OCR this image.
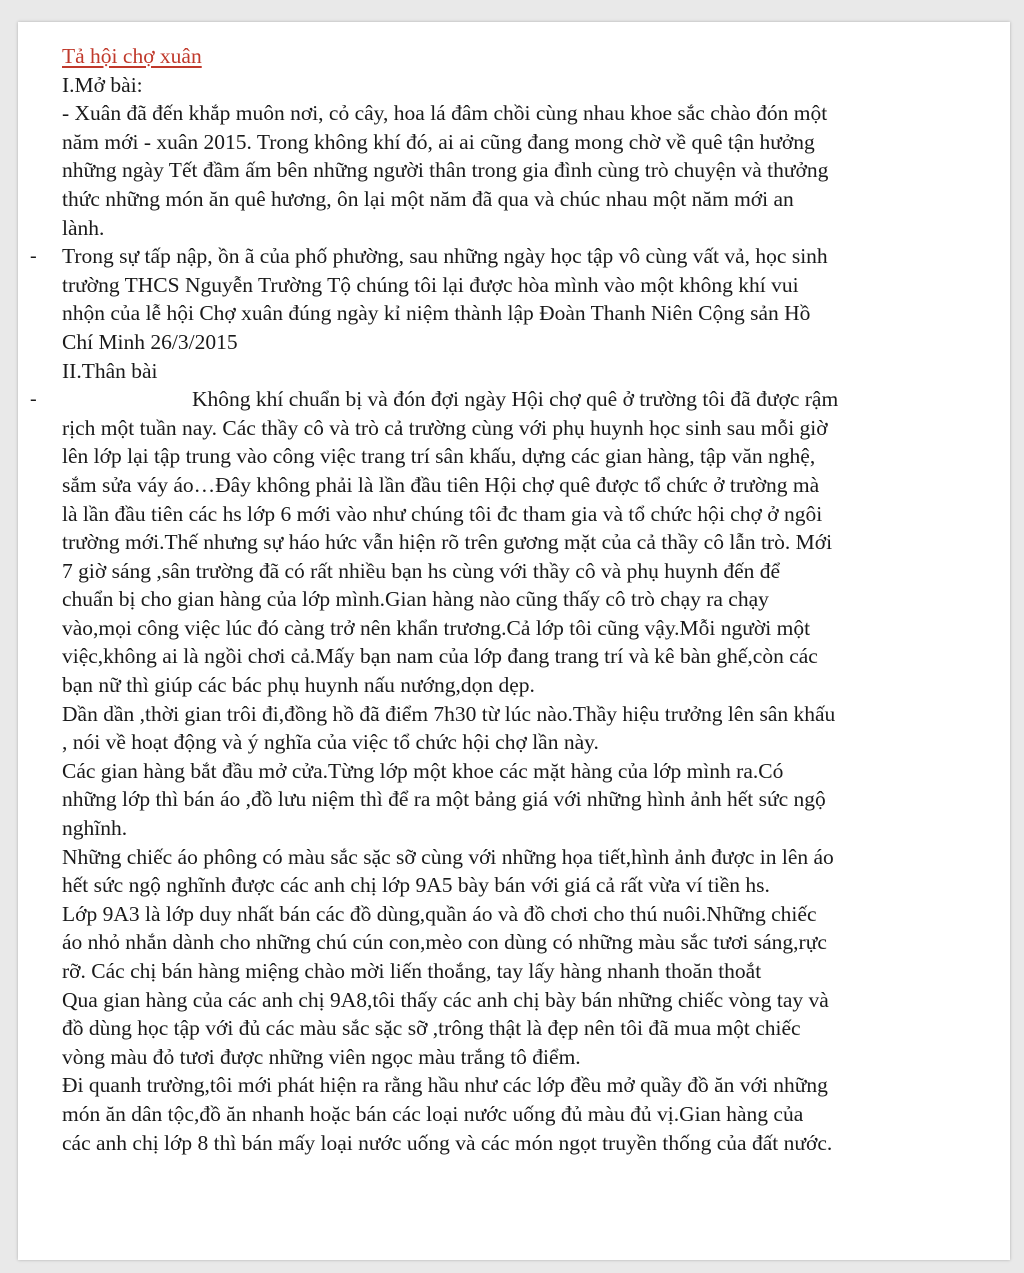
Tả hội chợ xuân
I.Mở bài:
- Xuân đã đến khắp muôn nơi, cỏ cây, hoa lá đâm chồi cùng nhau khoe sắc chào đón một
năm mới - xuân 2015. Trong không khí đó, ai ai cũng đang mong chờ về quê tận hưởng
những ngày Tết đầm ấm bên những người thân trong gia đình cùng trò chuyện và thưởng
thức những món ăn quê hương, ôn lại một năm đã qua và chúc nhau một năm mới an
lành.
- Trong sự tấp nập, ồn ã của phố phường, sau những ngày học tập vô cùng vất vả, học sinh
trường THCS Nguyễn Trường Tộ chúng tôi lại được hòa mình vào một không khí vui
nhộn của lễ hội Chợ xuân đúng ngày kỉ niệm thành lập Đoàn Thanh Niên Cộng sản Hồ
Chí Minh 26/3/2015
II.Thân bài
-	Không khí chuẩn bị và đón đợi ngày Hội chợ quê ở trường tôi đã được rậm
rịch một tuần nay. Các thầy cô và trò cả trường cùng với phụ huynh học sinh sau mỗi giờ
lên lớp lại tập trung vào công việc trang trí sân khấu, dựng các gian hàng, tập văn nghệ,
sắm sửa váy áo…Đây không phải là lần đầu tiên Hội chợ quê được tổ chức ở trường mà
là lần đầu tiên các hs lớp 6 mới vào như chúng tôi đc tham gia và tổ chức hội chợ ở ngôi
trường mới.Thế nhưng sự háo hức vẫn hiện rõ trên gương mặt của cả thầy cô lẫn trò. Mới
7 giờ sáng ,sân trường đã có rất nhiều bạn hs cùng với thầy cô và phụ huynh đến để
chuẩn bị cho gian hàng của lớp mình.Gian hàng nào cũng thấy cô trò chạy ra chạy
vào,mọi công việc lúc đó càng trở nên khẩn trương.Cả lớp tôi cũng vậy.Mỗi người một
việc,không ai là ngồi chơi cả.Mấy bạn nam của lớp đang trang trí và kê bàn ghế,còn các
bạn nữ thì giúp các bác phụ huynh nấu nướng,dọn dẹp.
Dần dần ,thời gian trôi đi,đồng hồ đã điểm 7h30 từ lúc nào.Thầy hiệu trưởng lên sân khấu
, nói về hoạt động và ý nghĩa của việc tổ chức hội chợ lần này.
Các gian hàng bắt đầu mở cửa.Từng lớp một khoe các mặt hàng của lớp mình ra.Có
những lớp thì bán áo ,đồ lưu niệm thì để ra một bảng giá với những hình ảnh hết sức ngộ
nghĩnh.
Những chiếc áo phông có màu sắc sặc sỡ cùng với những họa tiết,hình ảnh được in lên áo
hết sức ngộ nghĩnh được các anh chị lớp 9A5 bày bán với giá cả rất vừa ví tiền hs.
Lớp 9A3 là lớp duy nhất bán các đồ dùng,quần áo và đồ chơi cho thú nuôi.Những chiếc
áo nhỏ nhắn dành cho những chú cún con,mèo con dùng có những màu sắc tươi sáng,rực
rỡ. Các chị bán hàng miệng chào mời liến thoắng, tay lấy hàng nhanh thoăn thoắt
Qua gian hàng của các anh chị 9A8,tôi thấy các anh chị bày bán những chiếc vòng tay và
đồ dùng học tập với đủ các màu sắc sặc sỡ ,trông thật là đẹp nên tôi đã mua một chiếc
vòng màu đỏ tươi được những viên ngọc màu trắng tô điểm.
Đi quanh trường,tôi mới phát hiện ra rằng hầu như các lớp đều mở quầy đồ ăn với những
món ăn dân tộc,đồ ăn nhanh hoặc bán các loại nước uống đủ màu đủ vị.Gian hàng của
các anh chị lớp 8 thì bán mấy loại nước uống và các món ngọt truyền thống của đất nước.
